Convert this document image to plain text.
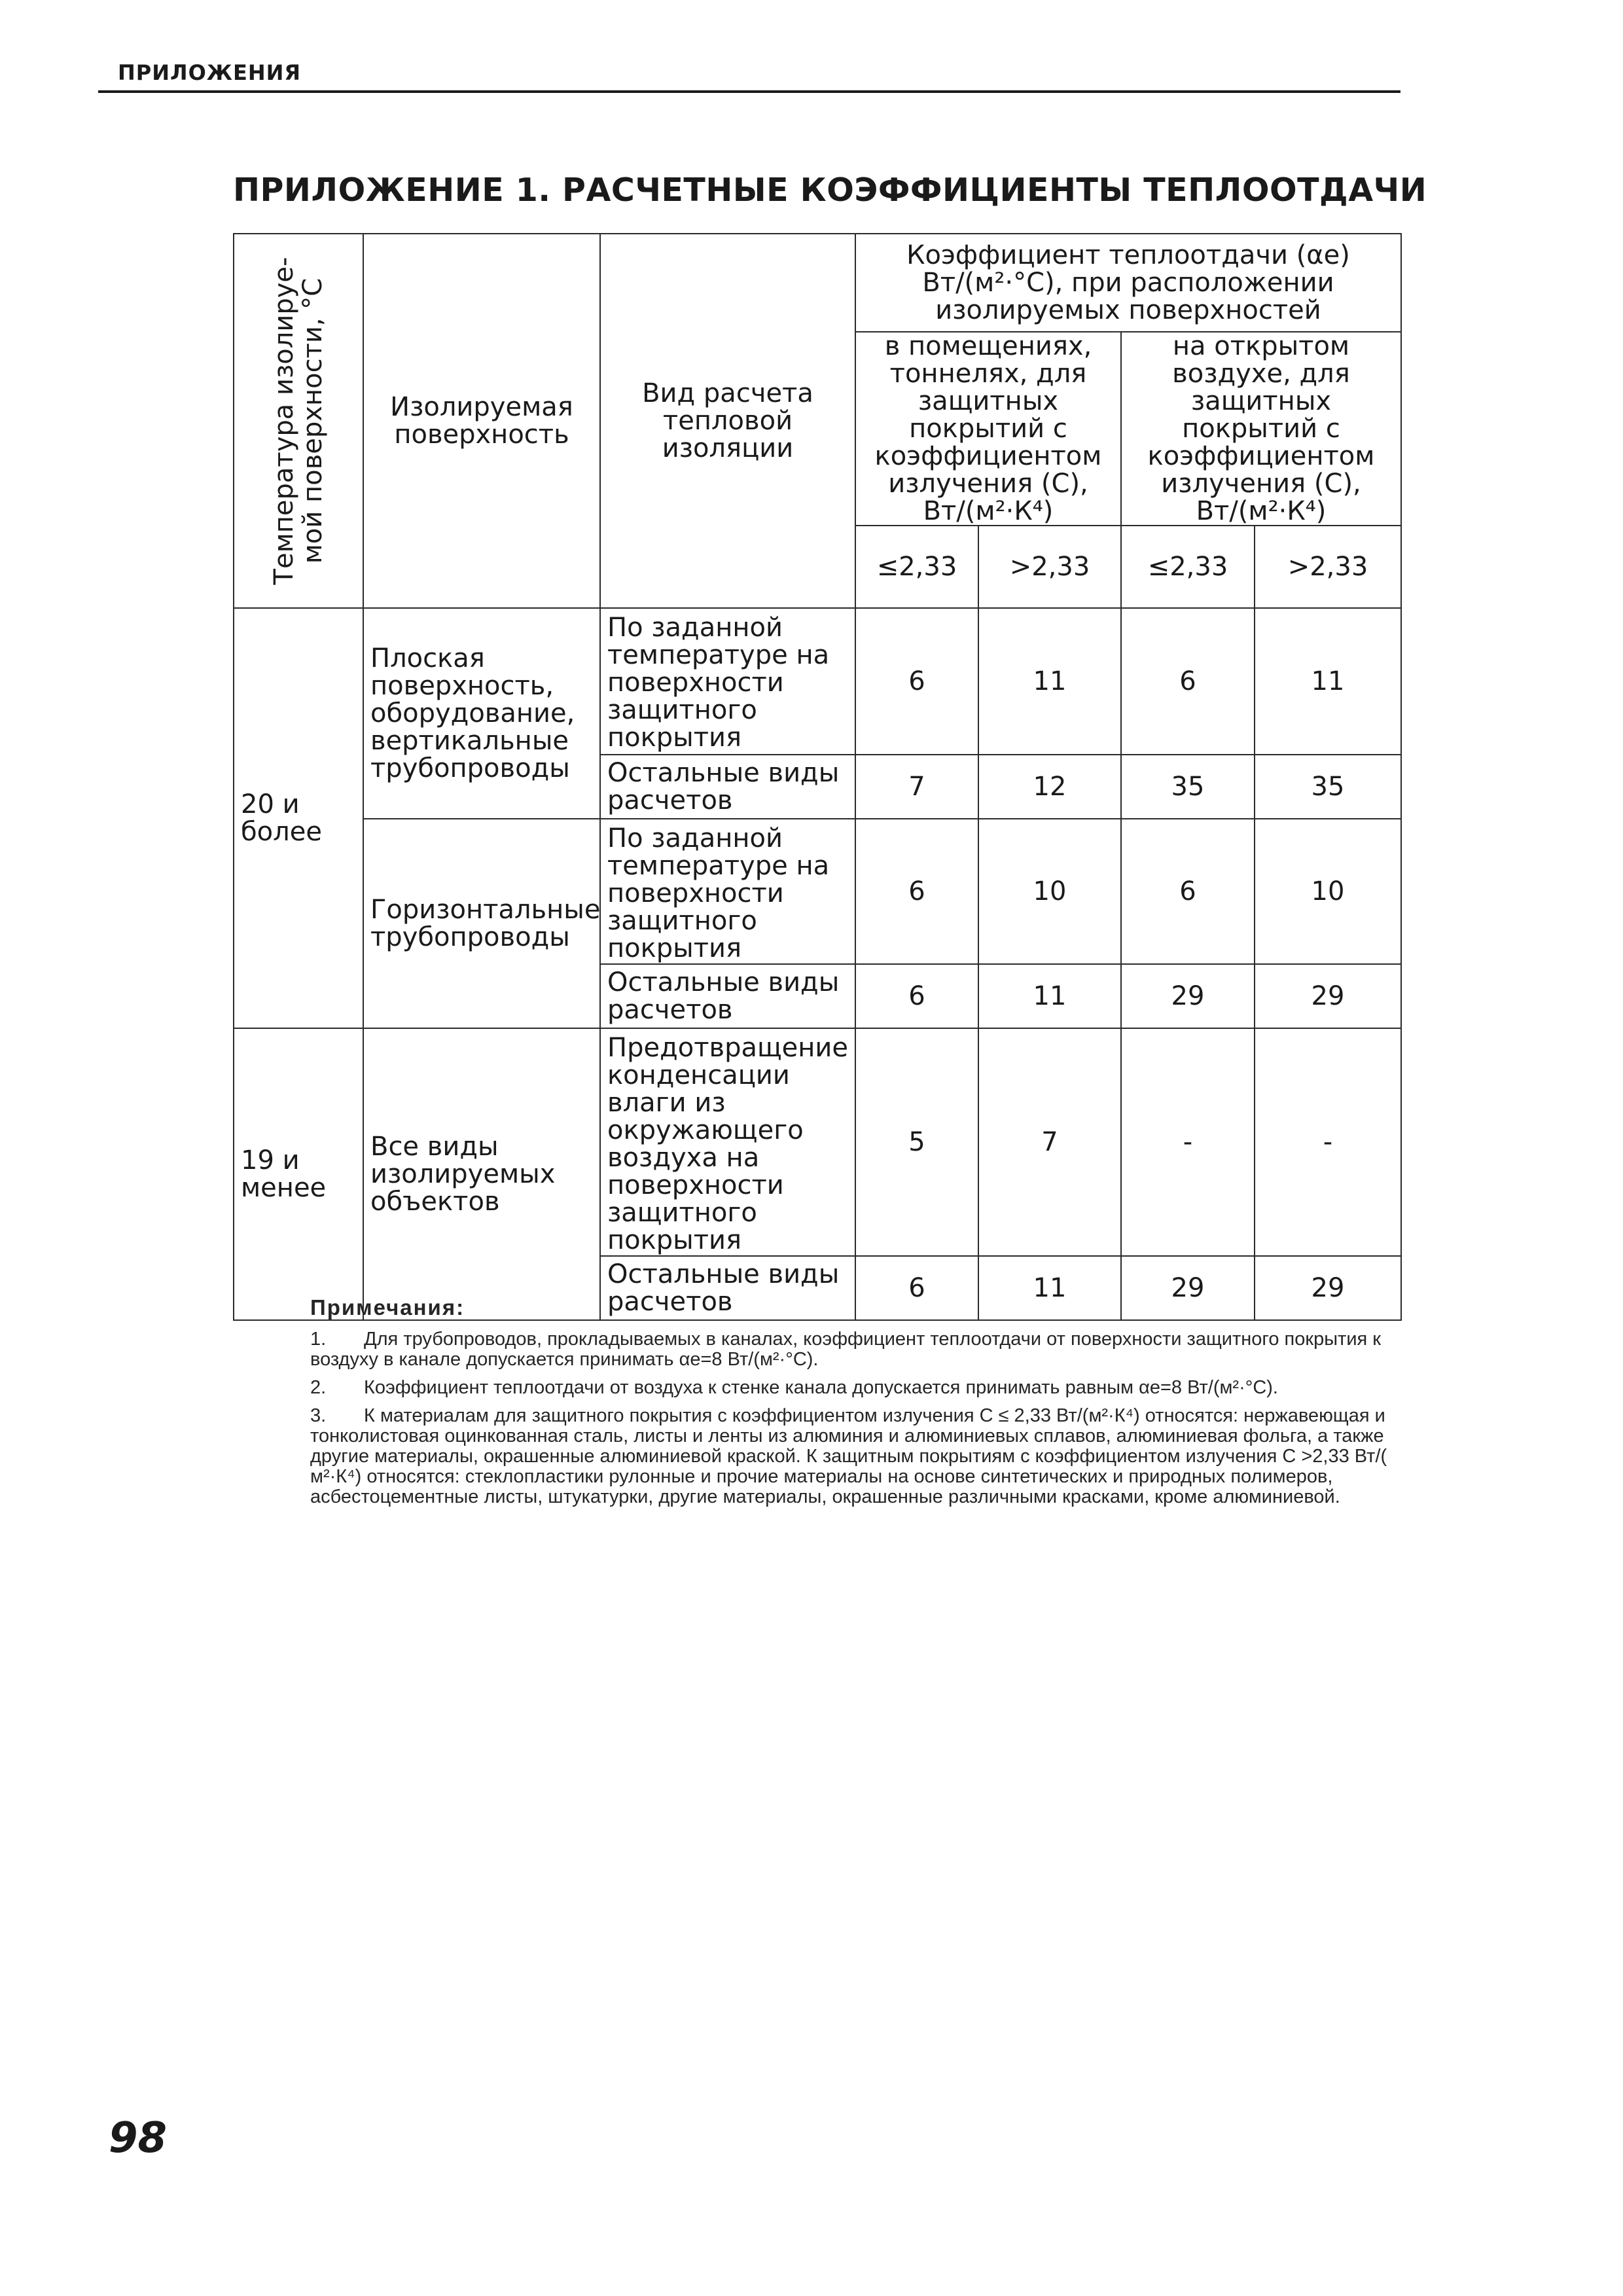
ПРИЛОЖЕНИЯ
ПРИЛОЖЕНИЕ 1. РАСЧЕТНЫЕ КОЭФФИЦИЕНТЫ ТЕПЛООТДАЧИ
Температура изолируе-мой поверхности, °С	Изолируемая поверхность	Вид расчета тепловой изоляции	Коэффициент теплоотдачи (αе) Вт/(м²·°С), при расположении изолируемых поверхностей			
			в помещениях, тоннелях, для защитных покрытий с коэффициентом излучения (С), Вт/(м²·К⁴)		на открытом воздухе, для защитных покрытий с коэффициентом излучения (С), Вт/(м²·К⁴)	
			≤2,33	>2,33	≤2,33	>2,33
20 и более	Плоская поверхность, оборудование, вертикальные трубопроводы	По заданной температуре на поверхности защитного покрытия	6	11	6	11
		Остальные виды расчетов	7	12	35	35
	Горизонтальные трубопроводы	По заданной температуре на поверхности защитного покрытия	6	10	6	10
		Остальные виды расчетов	6	11	29	29
19 и менее	Все виды изолируемых объектов	Предотвращение конденсации влаги из окружающего воздуха на поверхности защитного покрытия	5	7	-	-
		Остальные виды расчетов	6	11	29	29
Примечания:
1. Для трубопроводов, прокладываемых в каналах, коэффициент теплоотдачи от поверхности защитного покрытия к воздуху в канале допускается принимать αе=8 Вт/(м²·°С).
2. Коэффициент теплоотдачи от воздуха к стенке канала допускается принимать равным αе=8 Вт/(м²·°С).
3. К материалам для защитного покрытия с коэффициентом излучения С ≤ 2,33 Вт/(м²·К⁴) относятся: нержавеющая и тонколистовая оцинкованная сталь, листы и ленты из алюминия и алюминиевых сплавов, алюминиевая фольга, а также другие материалы, окрашенные алюминиевой краской. К защитным покрытиям с коэффициентом излучения С >2,33 Вт/( м²·К⁴) относятся: стеклопластики рулонные и прочие материалы на основе синтетических и природных полимеров, асбестоцементные листы, штукатурки, другие материалы, окрашенные различными красками, кроме алюминиевой.
98
